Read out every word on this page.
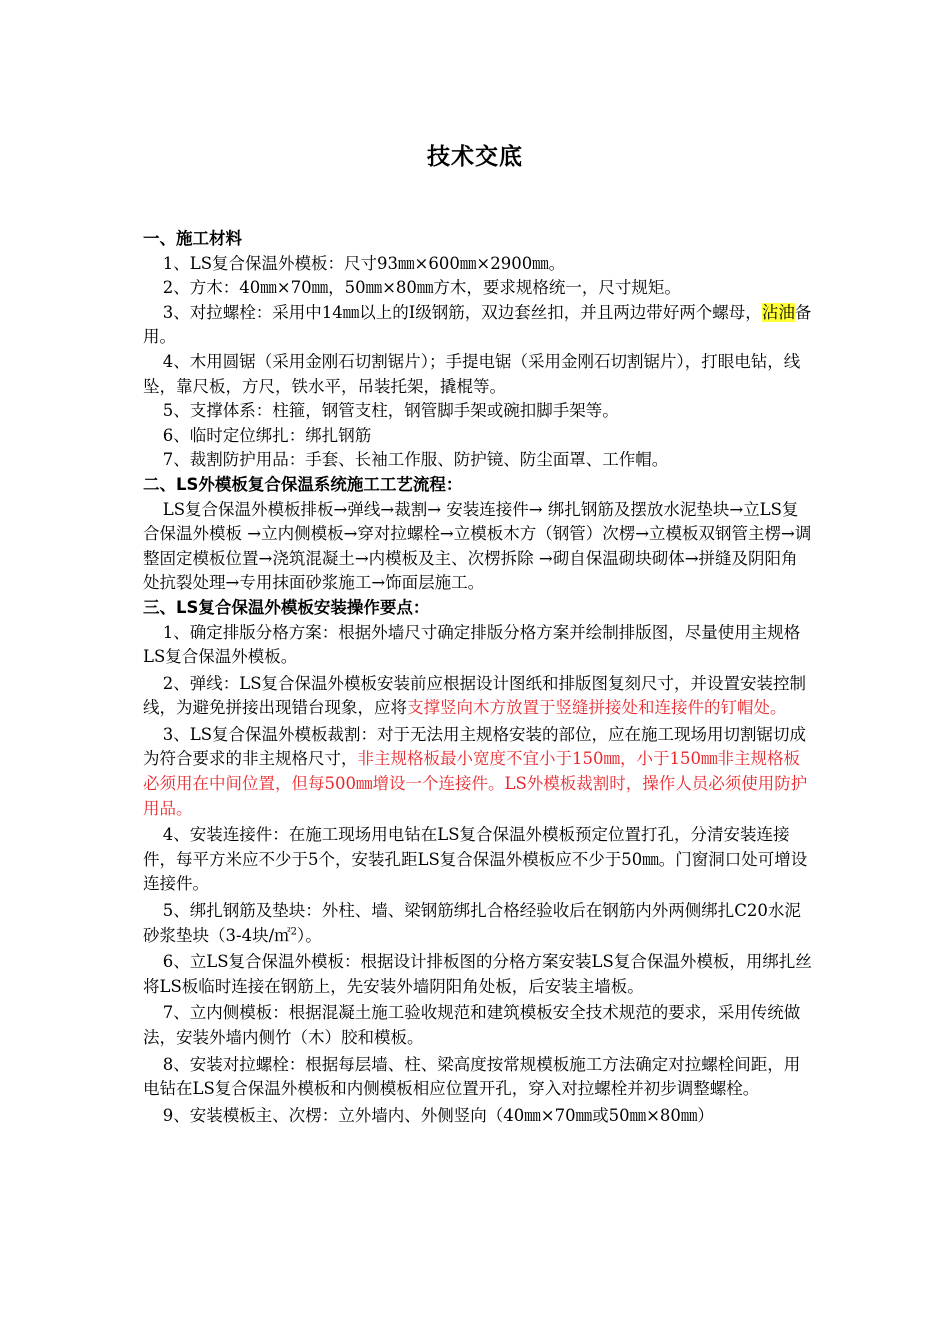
技术交底
一、施工材料

1、LS复合保温外模板：尺寸93㎜×600㎜×2900㎜。

2、方木：40㎜×70㎜，50㎜×80㎜方木，要求规格统一，尺寸规矩。

3、对拉螺栓：采用中14㎜以上的Ⅰ级钢筋，双边套丝扣，并且两边带好两个螺母，沾油备用。

4、木用圆锯（采用金刚石切割锯片）；手提电锯（采用金刚石切割锯片），打眼电钻，线坠，靠尺板，方尺，铁水平，吊装托架，撬棍等。

5、支撑体系：柱箍，钢管支柱，钢管脚手架或碗扣脚手架等。

6、临时定位绑扎：绑扎钢筋

7、裁割防护用品：手套、长袖工作服、防护镜、防尘面罩、工作帽。

二、LS外模板复合保温系统施工工艺流程：

LS复合保温外模板排板→弹线→裁割→ 安装连接件→ 绑扎钢筋及摆放水泥垫块→立LS复合保温外模板 →立内侧模板→穿对拉螺栓→立模板木方（钢管）次楞→立模板双钢管主楞→调整固定模板位置→浇筑混凝土→内模板及主、次楞拆除 →砌自保温砌块砌体→拼缝及阴阳角处抗裂处理→专用抹面砂浆施工→饰面层施工。

三、LS复合保温外模板安装操作要点：

1、确定排版分格方案：根据外墙尺寸确定排版分格方案并绘制排版图，尽量使用主规格LS复合保温外模板。

2、弹线：LS复合保温外模板安装前应根据设计图纸和排版图复刻尺寸，并设置安装控制线，为避免拼接出现错台现象，应将支撑竖向木方放置于竖缝拼接处和连接件的钉帽处。

3、LS复合保温外模板裁割：对于无法用主规格安装的部位，应在施工现场用切割锯切成为符合要求的非主规格尺寸，非主规格板最小宽度不宜小于150㎜，小于150㎜非主规格板必须用在中间位置，但每500㎜增设一个连接件。LS外模板裁割时，操作人员必须使用防护用品。

4、安装连接件：在施工现场用电钻在LS复合保温外模板预定位置打孔，分清安装连接件，每平方米应不少于5个，安装孔距LS复合保温外模板应不少于50㎜。门窗洞口处可增设连接件。

5、绑扎钢筋及垫块：外柱、墙、梁钢筋绑扎合格经验收后在钢筋内外两侧绑扎C20水泥砂浆垫块（3-4块/㎡$^2$）。

6、立LS复合保温外模板：根据设计排板图的分格方案安装LS复合保温外模板，用绑扎丝将LS板临时连接在钢筋上，先安装外墙阴阳角处板，后安装主墙板。

7、立内侧模板：根据混凝土施工验收规范和建筑模板安全技术规范的要求，采用传统做法，安装外墙内侧竹（木）胶和模板。

8、安装对拉螺栓：根据每层墙、柱、梁高度按常规模板施工方法确定对拉螺栓间距，用电钻在LS复合保温外模板和内侧模板相应位置开孔，穿入对拉螺栓并初步调整螺栓。

9、安装模板主、次楞：立外墙内、外侧竖向（40㎜×70㎜或50㎜×80㎜）
